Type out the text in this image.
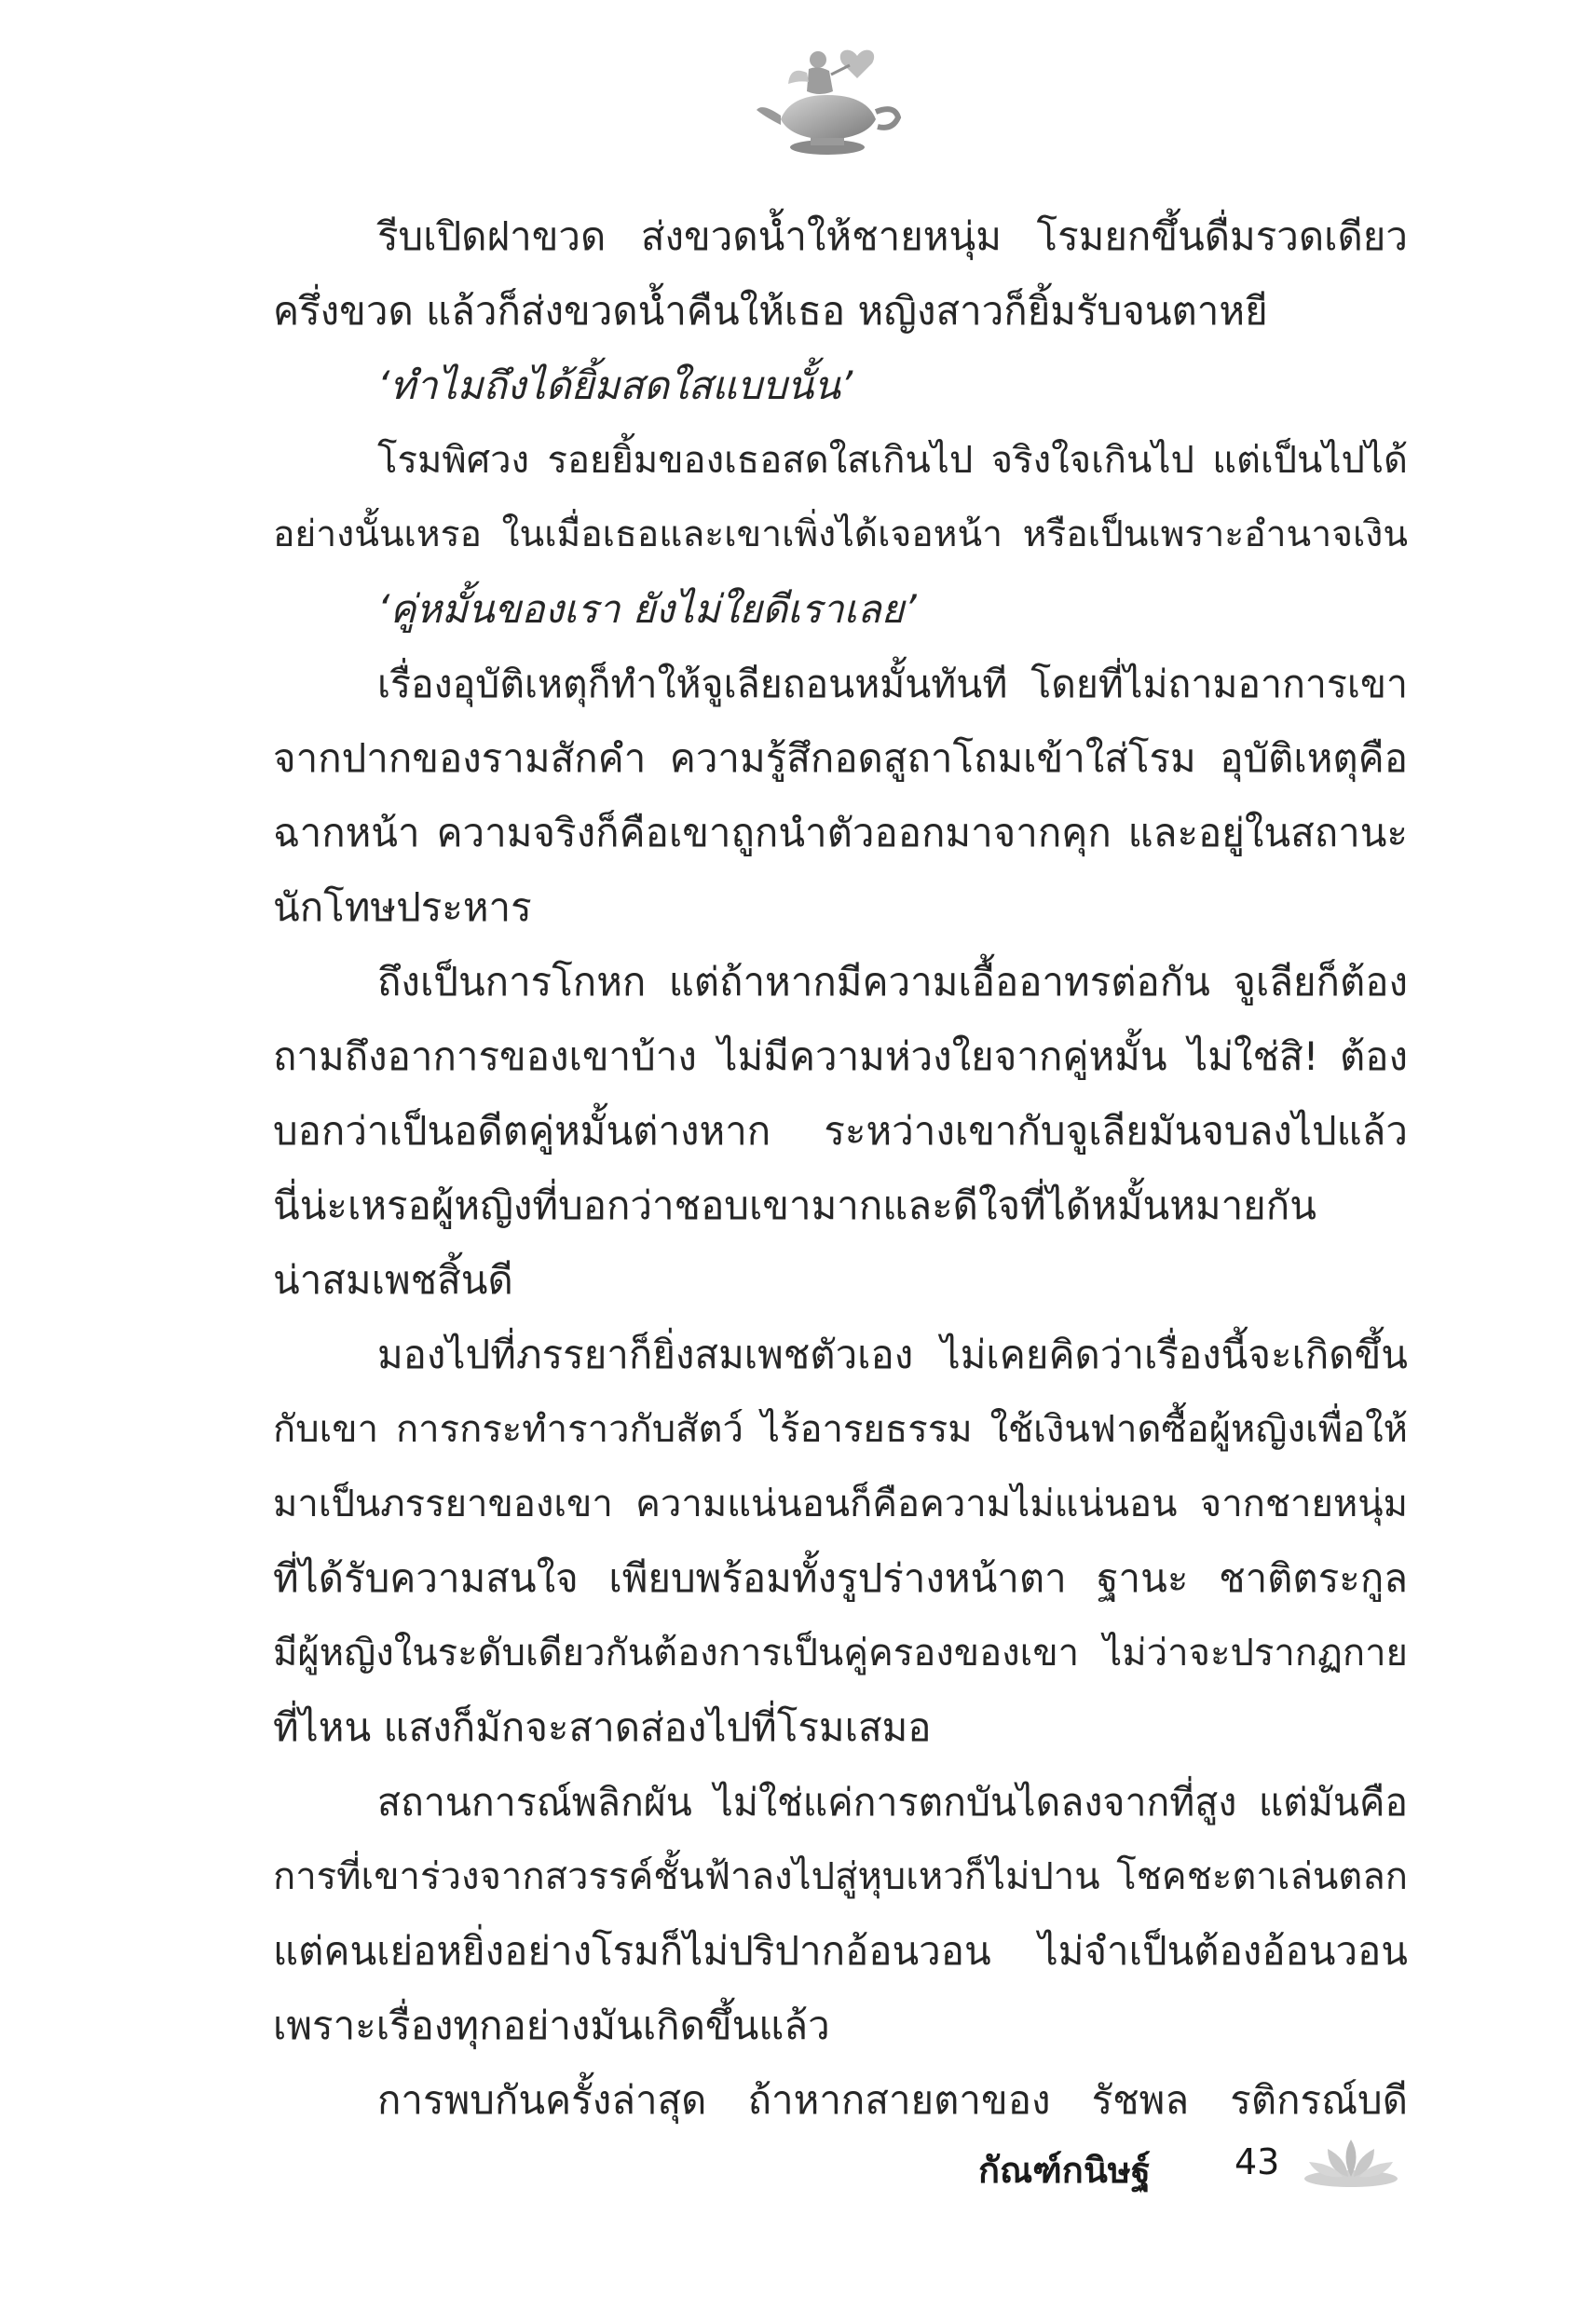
รีบเปิดฝาขวด ส่งขวดน้ำให้ชายหนุ่ม โรมยกขึ้นดื่มรวดเดียว
ครึ่งขวด แล้วก็ส่งขวดน้ำคืนให้เธอ หญิงสาวก็ยิ้มรับจนตาหยี
‘ทำไมถึงได้ยิ้มสดใสแบบนั้น’
โรมพิศวง รอยยิ้มของเธอสดใสเกินไป จริงใจเกินไป แต่เป็นไปได้
อย่างนั้นเหรอ ในเมื่อเธอและเขาเพิ่งได้เจอหน้า หรือเป็นเพราะอำนาจเงิน
‘คู่หมั้นของเรา ยังไม่ใยดีเราเลย’
เรื่องอุบัติเหตุก็ทำให้จูเลียถอนหมั้นทันที โดยที่ไม่ถามอาการเขา
จากปากของรามสักคำ ความรู้สึกอดสูถาโถมเข้าใส่โรม อุบัติเหตุคือ
ฉากหน้า ความจริงก็คือเขาถูกนำตัวออกมาจากคุก และอยู่ในสถานะ
นักโทษประหาร
ถึงเป็นการโกหก แต่ถ้าหากมีความเอื้ออาทรต่อกัน จูเลียก็ต้อง
ถามถึงอาการของเขาบ้าง ไม่มีความห่วงใยจากคู่หมั้น ไม่ใช่สิ! ต้อง
บอกว่าเป็นอดีตคู่หมั้นต่างหาก ระหว่างเขากับจูเลียมันจบลงไปแล้ว
นี่น่ะเหรอผู้หญิงที่บอกว่าชอบเขามากและดีใจที่ได้หมั้นหมายกัน
น่าสมเพชสิ้นดี
มองไปที่ภรรยาก็ยิ่งสมเพชตัวเอง ไม่เคยคิดว่าเรื่องนี้จะเกิดขึ้น
กับเขา การกระทำราวกับสัตว์ ไร้อารยธรรม ใช้เงินฟาดซื้อผู้หญิงเพื่อให้
มาเป็นภรรยาของเขา ความแน่นอนก็คือความไม่แน่นอน จากชายหนุ่ม
ที่ได้รับความสนใจ เพียบพร้อมทั้งรูปร่างหน้าตา ฐานะ ชาติตระกูล
มีผู้หญิงในระดับเดียวกันต้องการเป็นคู่ครองของเขา ไม่ว่าจะปรากฏกาย
ที่ไหน แสงก็มักจะสาดส่องไปที่โรมเสมอ
สถานการณ์พลิกผัน ไม่ใช่แค่การตกบันไดลงจากที่สูง แต่มันคือ
การที่เขาร่วงจากสวรรค์ชั้นฟ้าลงไปสู่หุบเหวก็ไม่ปาน โชคชะตาเล่นตลก
แต่คนเย่อหยิ่งอย่างโรมก็ไม่ปริปากอ้อนวอน ไม่จำเป็นต้องอ้อนวอน
เพราะเรื่องทุกอย่างมันเกิดขึ้นแล้ว
การพบกันครั้งล่าสุด ถ้าหากสายตาของ รัชพล รติกรณ์บดี
กัณฑ์กนิษฐ์ 43
